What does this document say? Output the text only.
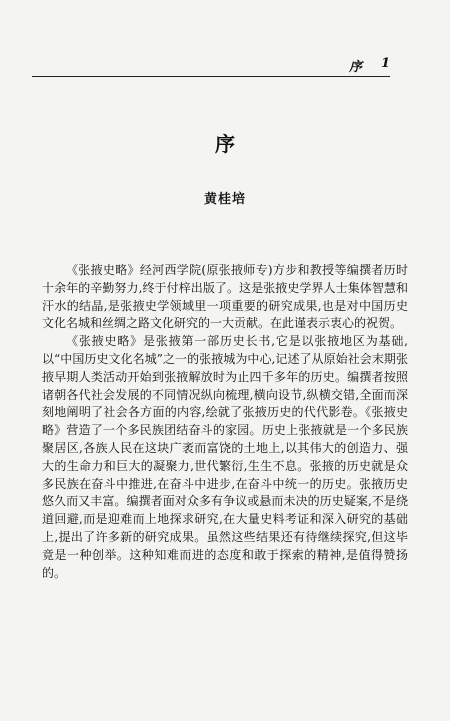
序 1
序
黄桂培

《张掖史略》经河西学院(原张掖师专)方步和教授等编撰者历时十余年的辛勤努力,终于付梓出版了。这是张掖史学界人士集体智慧和汗水的结晶,是张掖史学领域里一项重要的研究成果,也是对中国历史文化名城和丝绸之路文化研究的一大贡献。在此谨表示衷心的祝贺。

《张掖史略》是张掖第一部历史长书,它是以张掖地区为基础,以“中国历史文化名城”之一的张掖城为中心,记述了从原始社会末期张掖早期人类活动开始到张掖解放时为止四千多年的历史。编撰者按照诸朝各代社会发展的不同情况纵向梳理,横向设节,纵横交错,全面而深刻地阐明了社会各方面的内容,绘就了张掖历史的代代影卷。《张掖史略》营造了一个多民族团结奋斗的家园。历史上张掖就是一个多民族聚居区,各族人民在这块广袤而富饶的土地上,以其伟大的创造力、强大的生命力和巨大的凝聚力,世代繁衍,生生不息。张掖的历史就是众多民族在奋斗中推进,在奋斗中进步,在奋斗中统一的历史。张掖历史悠久而又丰富。编撰者面对众多有争议或悬而未决的历史疑案,不是绕道回避,而是迎难而上地探求研究,在大量史料考证和深入研究的基础上,提出了许多新的研究成果。虽然这些结果还有待继续探究,但这毕竟是一种创举。这种知难而进的态度和敢于探索的精神,是值得赞扬的。
